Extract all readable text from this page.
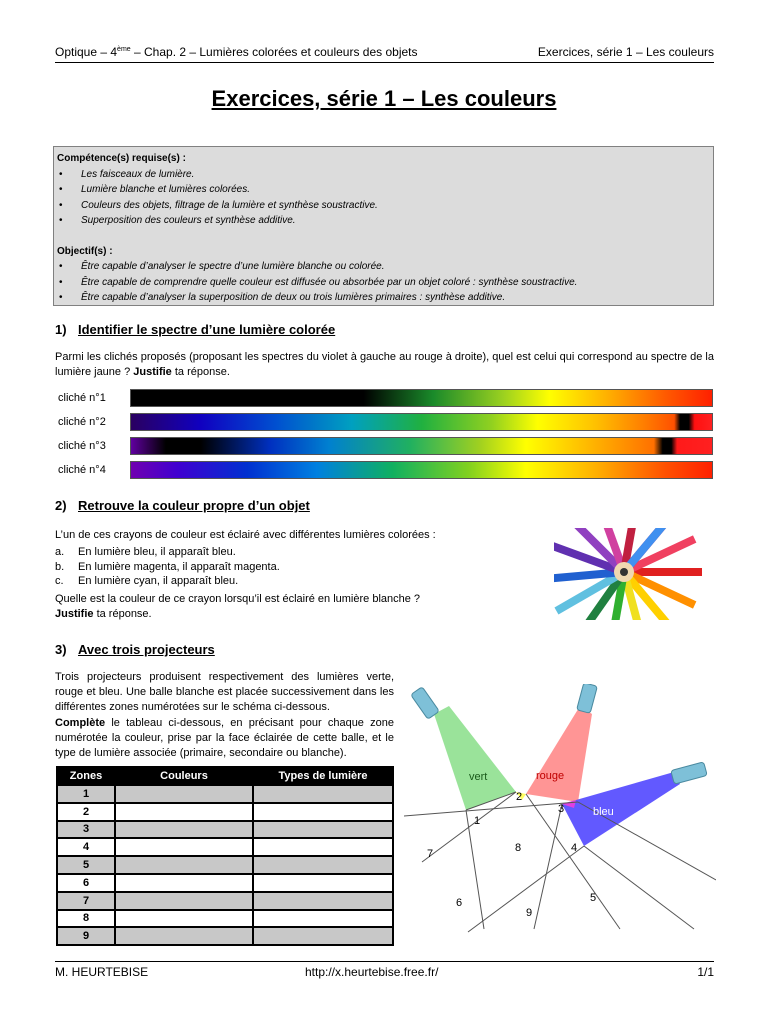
Optique – 4ème – Chap. 2 – Lumières colorées et couleurs des objets	Exercices, série 1 – Les couleurs
Exercices, série 1 – Les couleurs
Compétence(s) requise(s) :
• Les faisceaux de lumière.
• Lumière blanche et lumières colorées.
• Couleurs des objets, filtrage de la lumière et synthèse soustractive.
• Superposition des couleurs et synthèse additive.
Objectif(s) :
• Être capable d’analyser le spectre d’une lumière blanche ou colorée.
• Être capable de comprendre quelle couleur est diffusée ou absorbée par un objet coloré : synthèse soustractive.
• Être capable d’analyser la superposition de deux ou trois lumières primaires : synthèse additive.
1) Identifier le spectre d’une lumière colorée
Parmi les clichés proposés (proposant les spectres du violet à gauche au rouge à droite), quel est celui qui correspond au spectre de la lumière jaune ? Justifie ta réponse.
cliché n°1
cliché n°2
cliché n°3
cliché n°4
2) Retrouve la couleur propre d’un objet
L’un de ces crayons de couleur est éclairé avec différentes lumières colorées :
a.	En lumière bleu, il apparaît bleu.
b.	En lumière magenta, il apparaît magenta.
c.	En lumière cyan, il apparaît bleu.
Quelle est la couleur de ce crayon lorsqu’il est éclairé en lumière blanche ?
Justifie ta réponse.
3) Avec trois projecteurs
Trois projecteurs produisent respectivement des lumières verte, rouge et bleu. Une balle blanche est placée successivement dans les différentes zones numérotées sur le schéma ci-dessous.
Complète le tableau ci-dessous, en précisant pour chaque zone numérotée la couleur, prise par la face éclairée de cette balle, et le type de lumière associée (primaire, secondaire ou blanche).
Zones	Couleurs	Types de lumière
1		
2		
3		
4		
5		
6		
7		
8		
9		
vert	rouge
bleu
1
2
3
4
5
6
7	8
9
M. HEURTEBISE	http://x.heurtebise.free.fr/	1/1
